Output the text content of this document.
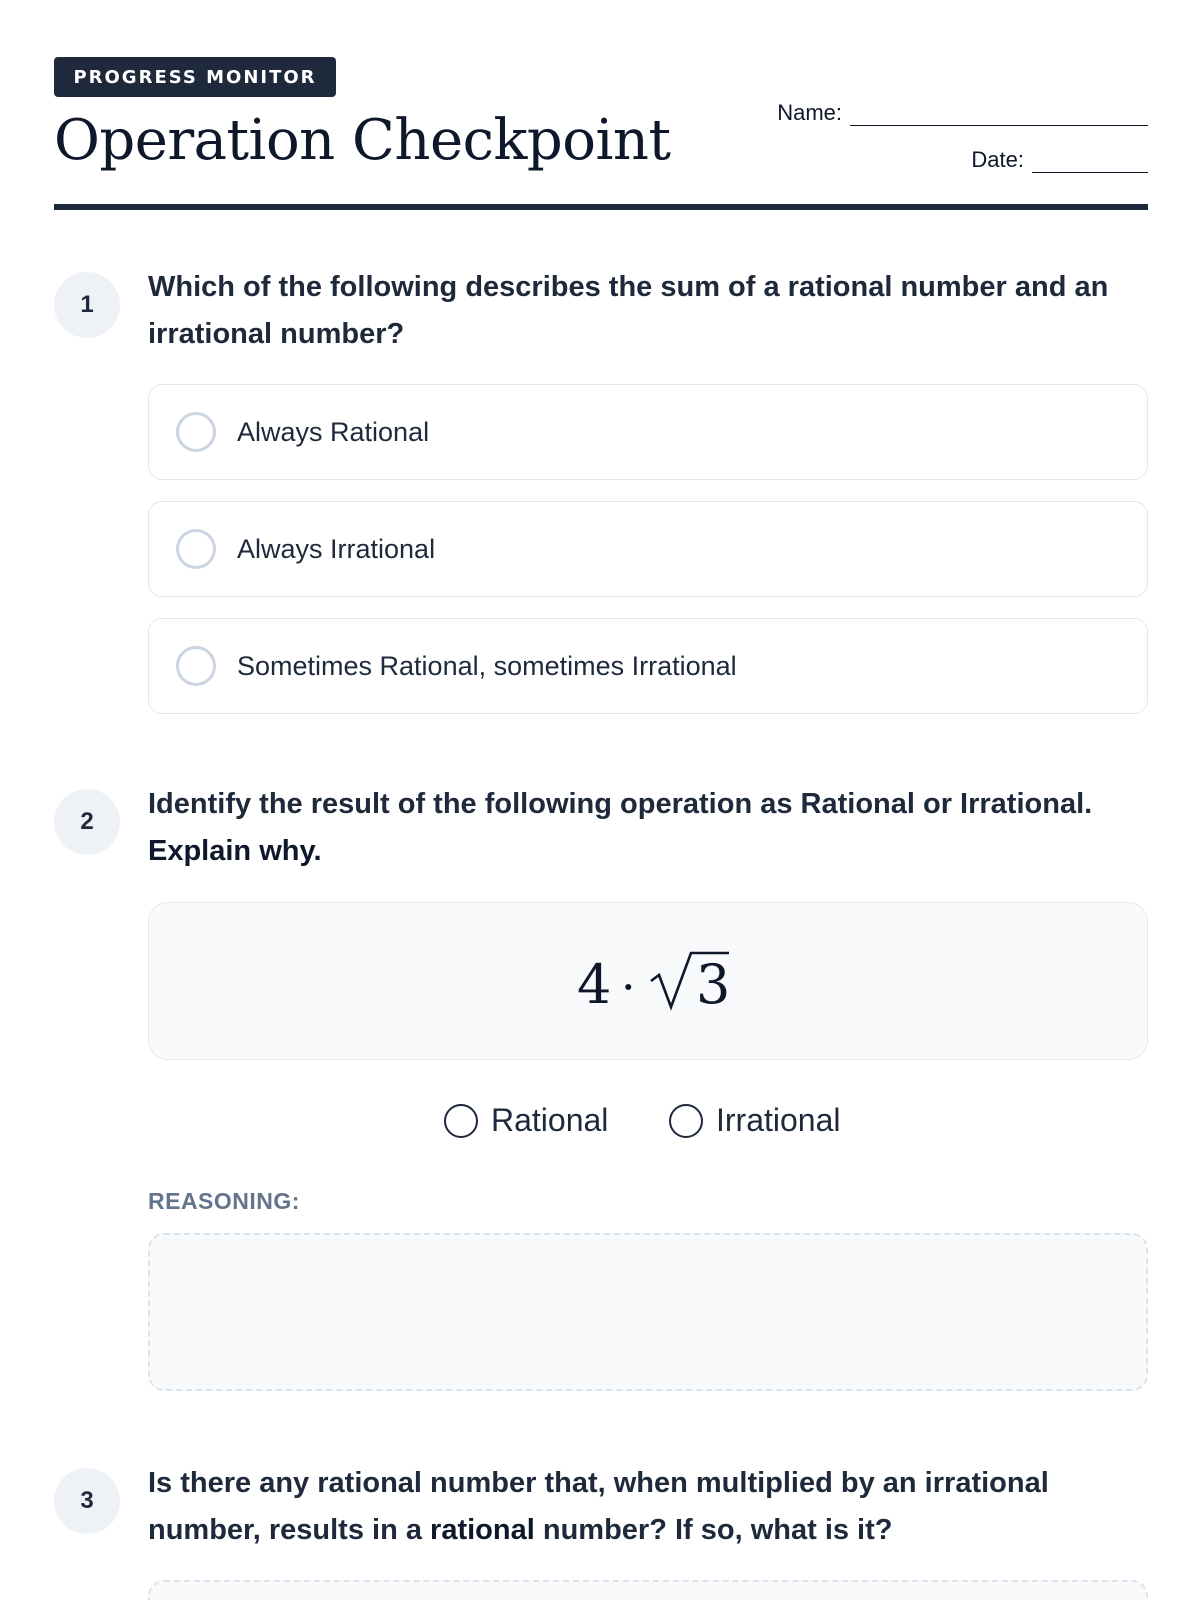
PROGRESS MONITOR
Operation Checkpoint	Name:
Date:
1
Which of the following describes the sum of a rational number and an irrational number?
Always Rational
Always Irrational
Sometimes Rational, sometimes Irrational
2
Identify the result of the following operation as Rational or Irrational.
Explain why.
4 · 3
Rational	Irrational
REASONING:
3
Is there any rational number that, when multiplied by an irrational number, results in a rational number? If so, what is it?
